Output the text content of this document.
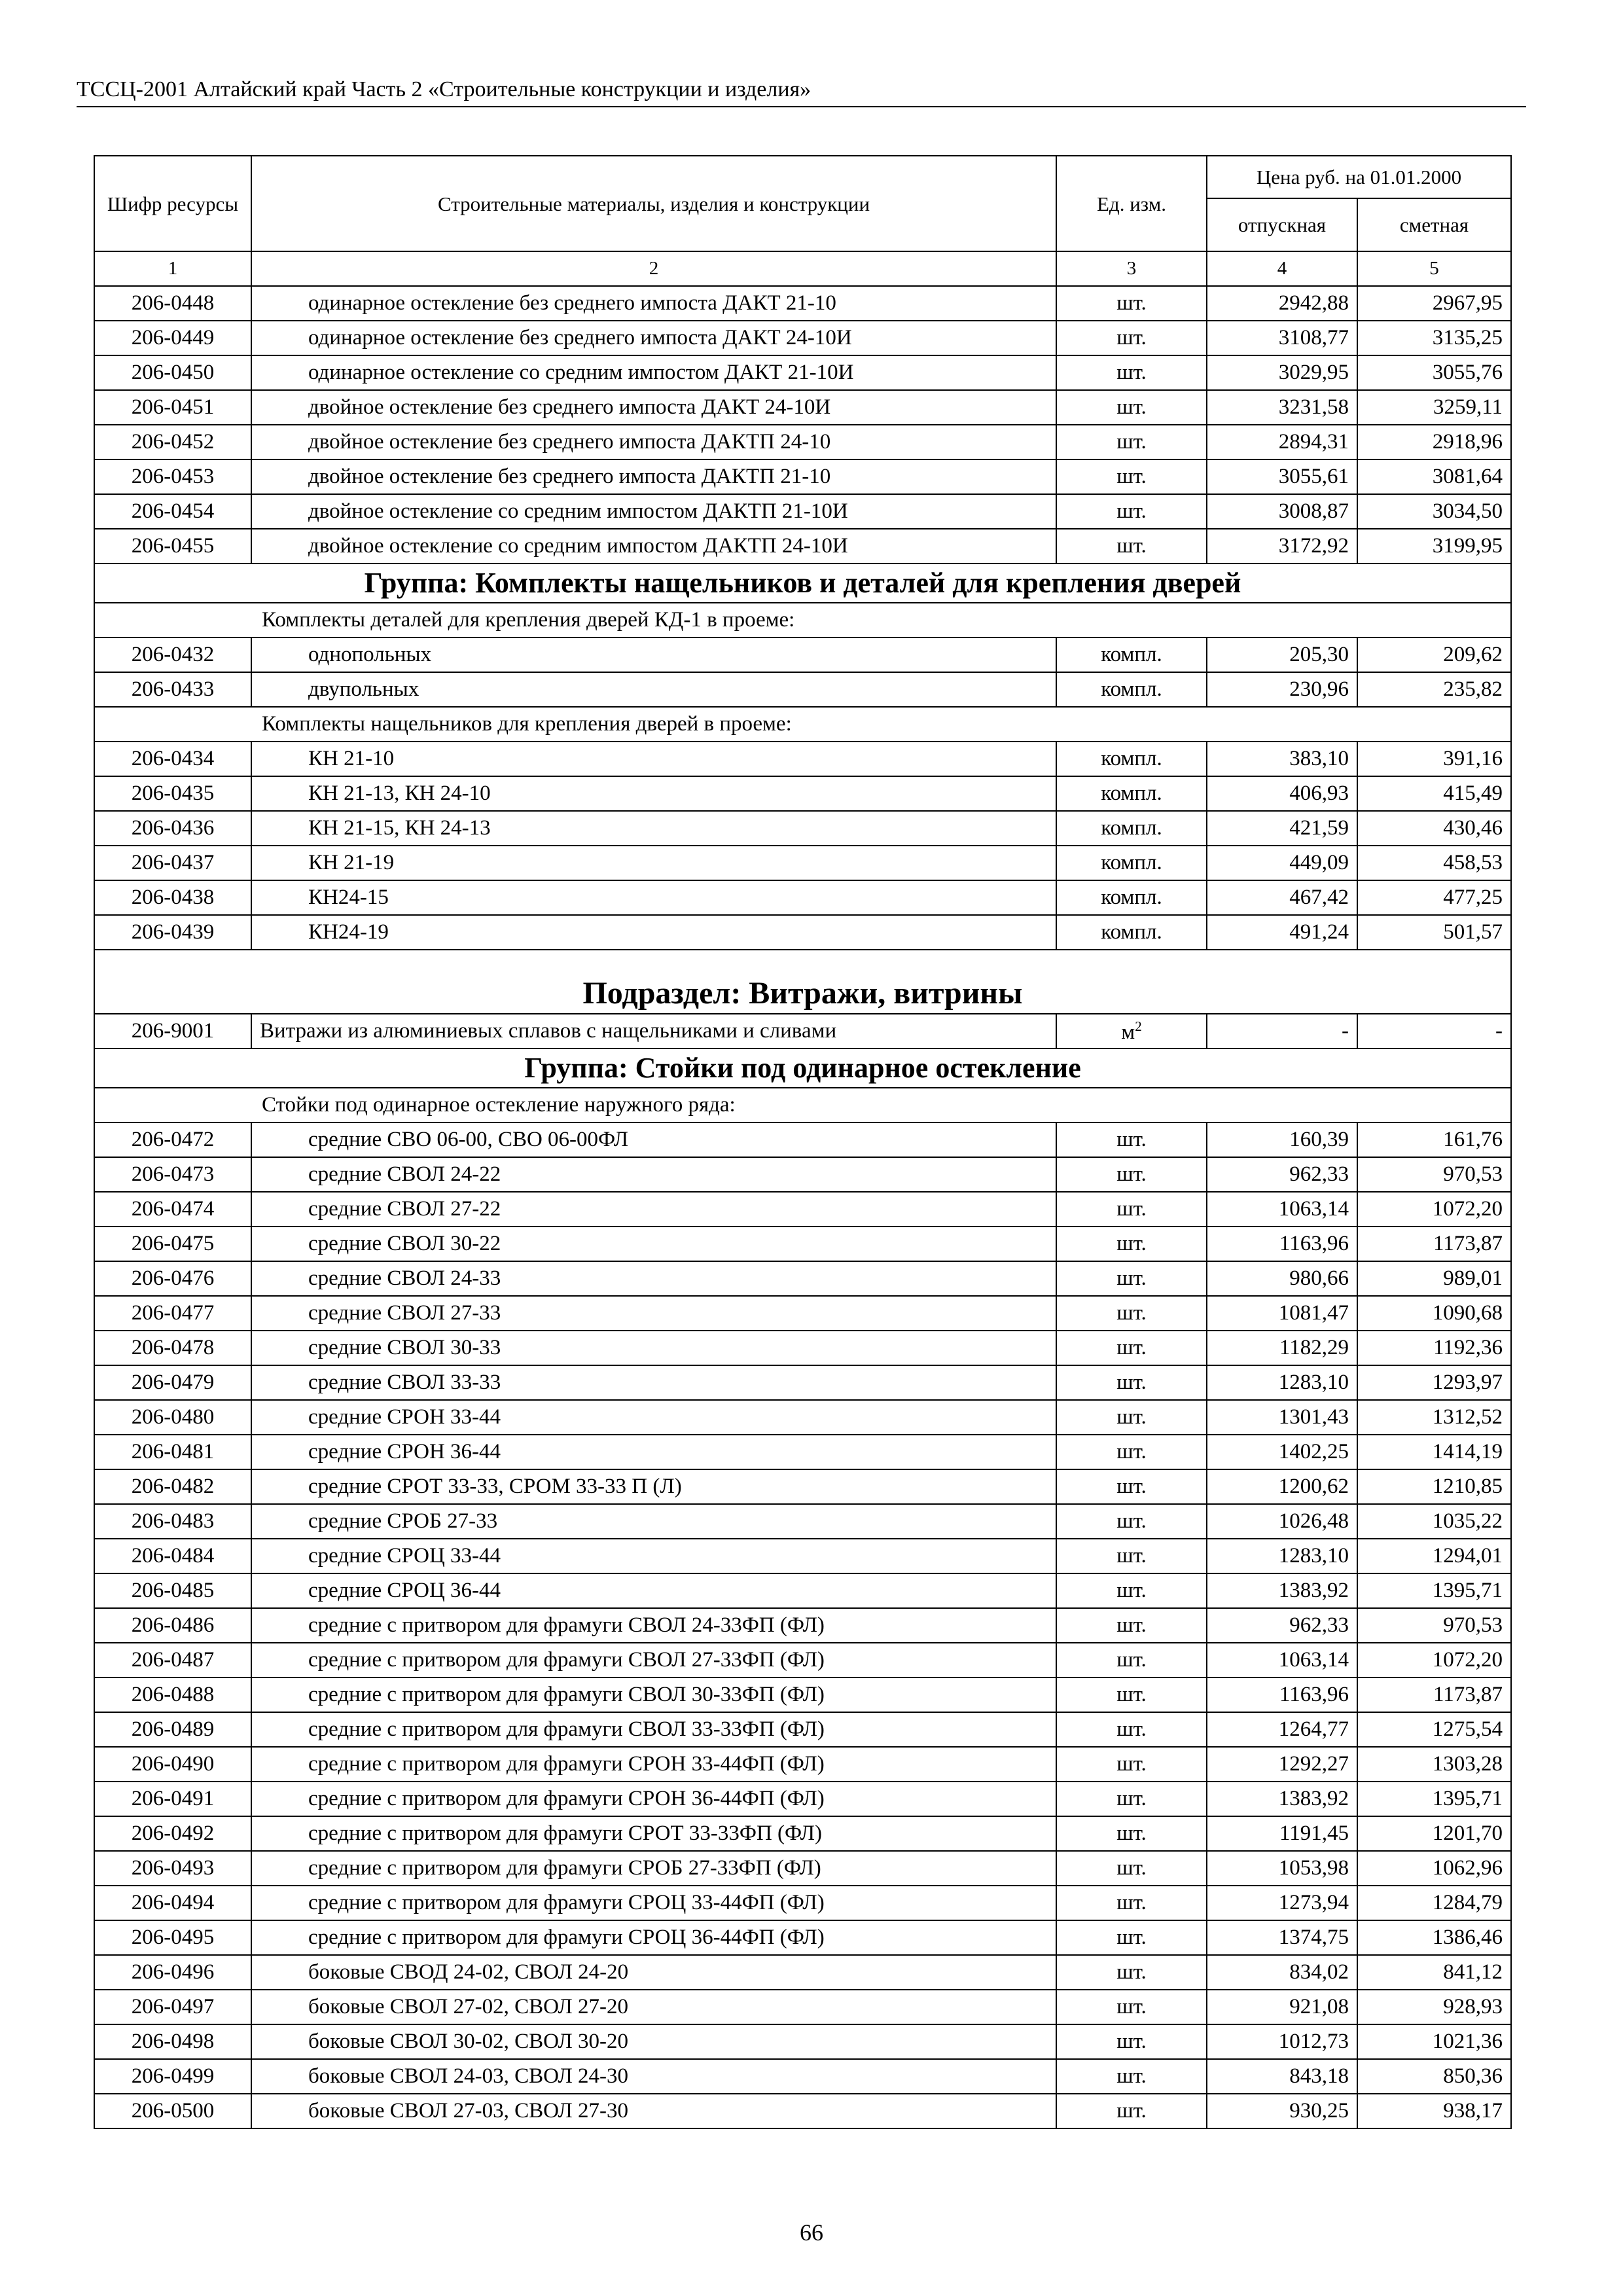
ТССЦ-2001 Алтайский край Часть 2 «Строительные конструкции и изделия»
Шифр ресурсы	Строительные материалы, изделия и конструкции	Ед. изм.	Цена руб. на 01.01.2000	
			отпускная	сметная
1	2	3	4	5
206-0448	одинарное остекление без среднего импоста ДАКТ 21-10	шт.	2942,88	2967,95
206-0449	одинарное остекление без среднего импоста ДАКТ 24-10И	шт.	3108,77	3135,25
206-0450	одинарное остекление со средним импостом ДАКТ 21-10И	шт.	3029,95	3055,76
206-0451	двойное остекление без среднего импоста ДАКТ 24-10И	шт.	3231,58	3259,11
206-0452	двойное остекление без среднего импоста ДАКТП 24-10	шт.	2894,31	2918,96
206-0453	двойное остекление без среднего импоста ДАКТП 21-10	шт.	3055,61	3081,64
206-0454	двойное остекление со средним импостом ДАКТП 21-10И	шт.	3008,87	3034,50
206-0455	двойное остекление со средним импостом ДАКТП 24-10И	шт.	3172,92	3199,95
Группа: Комплекты нащельников и деталей для крепления дверей				
Комплекты деталей для крепления дверей КД-1 в проеме:				
206-0432	однопольных	компл.	205,30	209,62
206-0433	двупольных	компл.	230,96	235,82
Комплекты нащельников для крепления дверей в проеме:				
206-0434	КН 21-10	компл.	383,10	391,16
206-0435	КН 21-13, КН 24-10	компл.	406,93	415,49
206-0436	КН 21-15, КН 24-13	компл.	421,59	430,46
206-0437	КН 21-19	компл.	449,09	458,53
206-0438	КН24-15	компл.	467,42	477,25
206-0439	КН24-19	компл.	491,24	501,57
Подраздел: Витражи, витрины				
206-9001	Витражи из алюминиевых сплавов с нащельниками и сливами	$м^2$	-	-
Группа: Стойки под одинарное остекление				
Стойки под одинарное остекление наружного ряда:				
206-0472	средние СВО 06-00, СВО 06-00ФЛ	шт.	160,39	161,76
206-0473	средние СВОЛ 24-22	шт.	962,33	970,53
206-0474	средние СВОЛ 27-22	шт.	1063,14	1072,20
206-0475	средние СВОЛ 30-22	шт.	1163,96	1173,87
206-0476	средние СВОЛ 24-33	шт.	980,66	989,01
206-0477	средние СВОЛ 27-33	шт.	1081,47	1090,68
206-0478	средние СВОЛ 30-33	шт.	1182,29	1192,36
206-0479	средние СВОЛ 33-33	шт.	1283,10	1293,97
206-0480	средние СРОН 33-44	шт.	1301,43	1312,52
206-0481	средние СРОН 36-44	шт.	1402,25	1414,19
206-0482	средние СРОТ 33-33, СРОМ 33-33 П (Л)	шт.	1200,62	1210,85
206-0483	средние СРОБ 27-33	шт.	1026,48	1035,22
206-0484	средние СРОЦ 33-44	шт.	1283,10	1294,01
206-0485	средние СРОЦ 36-44	шт.	1383,92	1395,71
206-0486	средние с притвором для фрамуги СВОЛ 24-33ФП (ФЛ)	шт.	962,33	970,53
206-0487	средние с притвором для фрамуги СВОЛ 27-33ФП (ФЛ)	шт.	1063,14	1072,20
206-0488	средние с притвором для фрамуги СВОЛ 30-33ФП (ФЛ)	шт.	1163,96	1173,87
206-0489	средние с притвором для фрамуги СВОЛ 33-33ФП (ФЛ)	шт.	1264,77	1275,54
206-0490	средние с притвором для фрамуги СРОН 33-44ФП (ФЛ)	шт.	1292,27	1303,28
206-0491	средние с притвором для фрамуги СРОН 36-44ФП (ФЛ)	шт.	1383,92	1395,71
206-0492	средние с притвором для фрамуги СРОТ 33-33ФП (ФЛ)	шт.	1191,45	1201,70
206-0493	средние с притвором для фрамуги СРОБ 27-33ФП (ФЛ)	шт.	1053,98	1062,96
206-0494	средние с притвором для фрамуги СРОЦ 33-44ФП (ФЛ)	шт.	1273,94	1284,79
206-0495	средние с притвором для фрамуги СРОЦ 36-44ФП (ФЛ)	шт.	1374,75	1386,46
206-0496	боковые СВОД 24-02, СВОЛ 24-20	шт.	834,02	841,12
206-0497	боковые СВОЛ 27-02, СВОЛ 27-20	шт.	921,08	928,93
206-0498	боковые СВОЛ 30-02, СВОЛ 30-20	шт.	1012,73	1021,36
206-0499	боковые СВОЛ 24-03, СВОЛ 24-30	шт.	843,18	850,36
206-0500	боковые СВОЛ 27-03, СВОЛ 27-30	шт.	930,25	938,17
66
